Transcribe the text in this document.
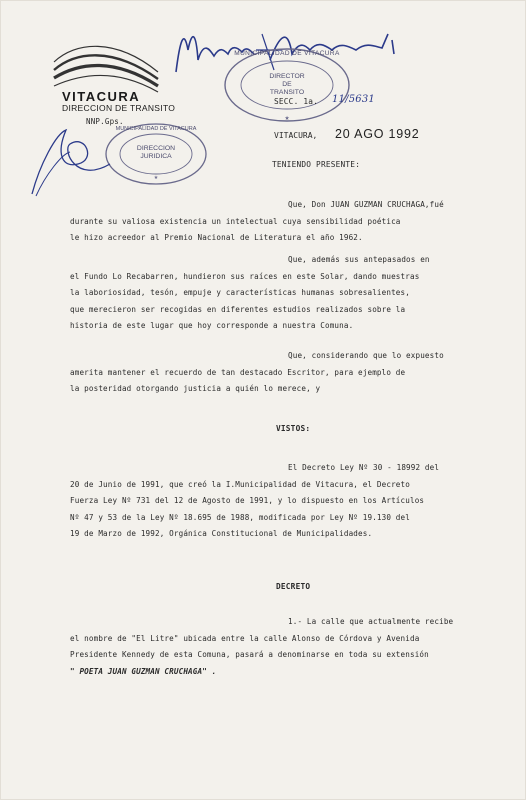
VITACURA
DIRECCION DE TRANSITO
NNP.Gps.	★
MUNICIPALIDAD DE VITACURA
DIRECTOR
DE
TRANSITO
SECC. 1a. 11/5631
★
MUNICIPALIDAD DE VITACURA
DIRECCION
JURIDICA
VITACURA, 20 AGO 1992
TENIENDO PRESENTE:
Que, Don JUAN GUZMAN CRUCHAGA,fué
durante su valiosa existencia un intelectual cuya sensibilidad poética
le hizo acreedor al Premio Nacional de Literatura el año 1962.
Que, además sus antepasados en
el Fundo Lo Recabarren, hundieron sus raíces en este Solar, dando muestras
la laboriosidad, tesón, empuje y características humanas sobresalientes,
que merecieron ser recogidas en diferentes estudios realizados sobre la
historia de este lugar que hoy corresponde a nuestra Comuna.
Que, considerando que lo expuesto
amerita mantener el recuerdo de tan destacado Escritor, para ejemplo de
la posteridad otorgando justicia a quién lo merece, y
VISTOS:
El Decreto Ley Nº 30 - 18992 del
20 de Junio de 1991, que creó la I.Municipalidad de Vitacura, el Decreto
Fuerza Ley Nº 731 del 12 de Agosto de 1991, y lo dispuesto en los Artículos
Nº 47 y 53 de la Ley Nº 18.695 de 1988, modificada por Ley Nº 19.130 del
19 de Marzo de 1992, Orgánica Constitucional de Municipalidades.
DECRETO
1.- La calle que actualmente recibe
el nombre de "El Litre" ubicada entre la calle Alonso de Córdova y Avenida
Presidente Kennedy de esta Comuna, pasará a denominarse en toda su extensión
" POETA JUAN GUZMAN CRUCHAGA" .
